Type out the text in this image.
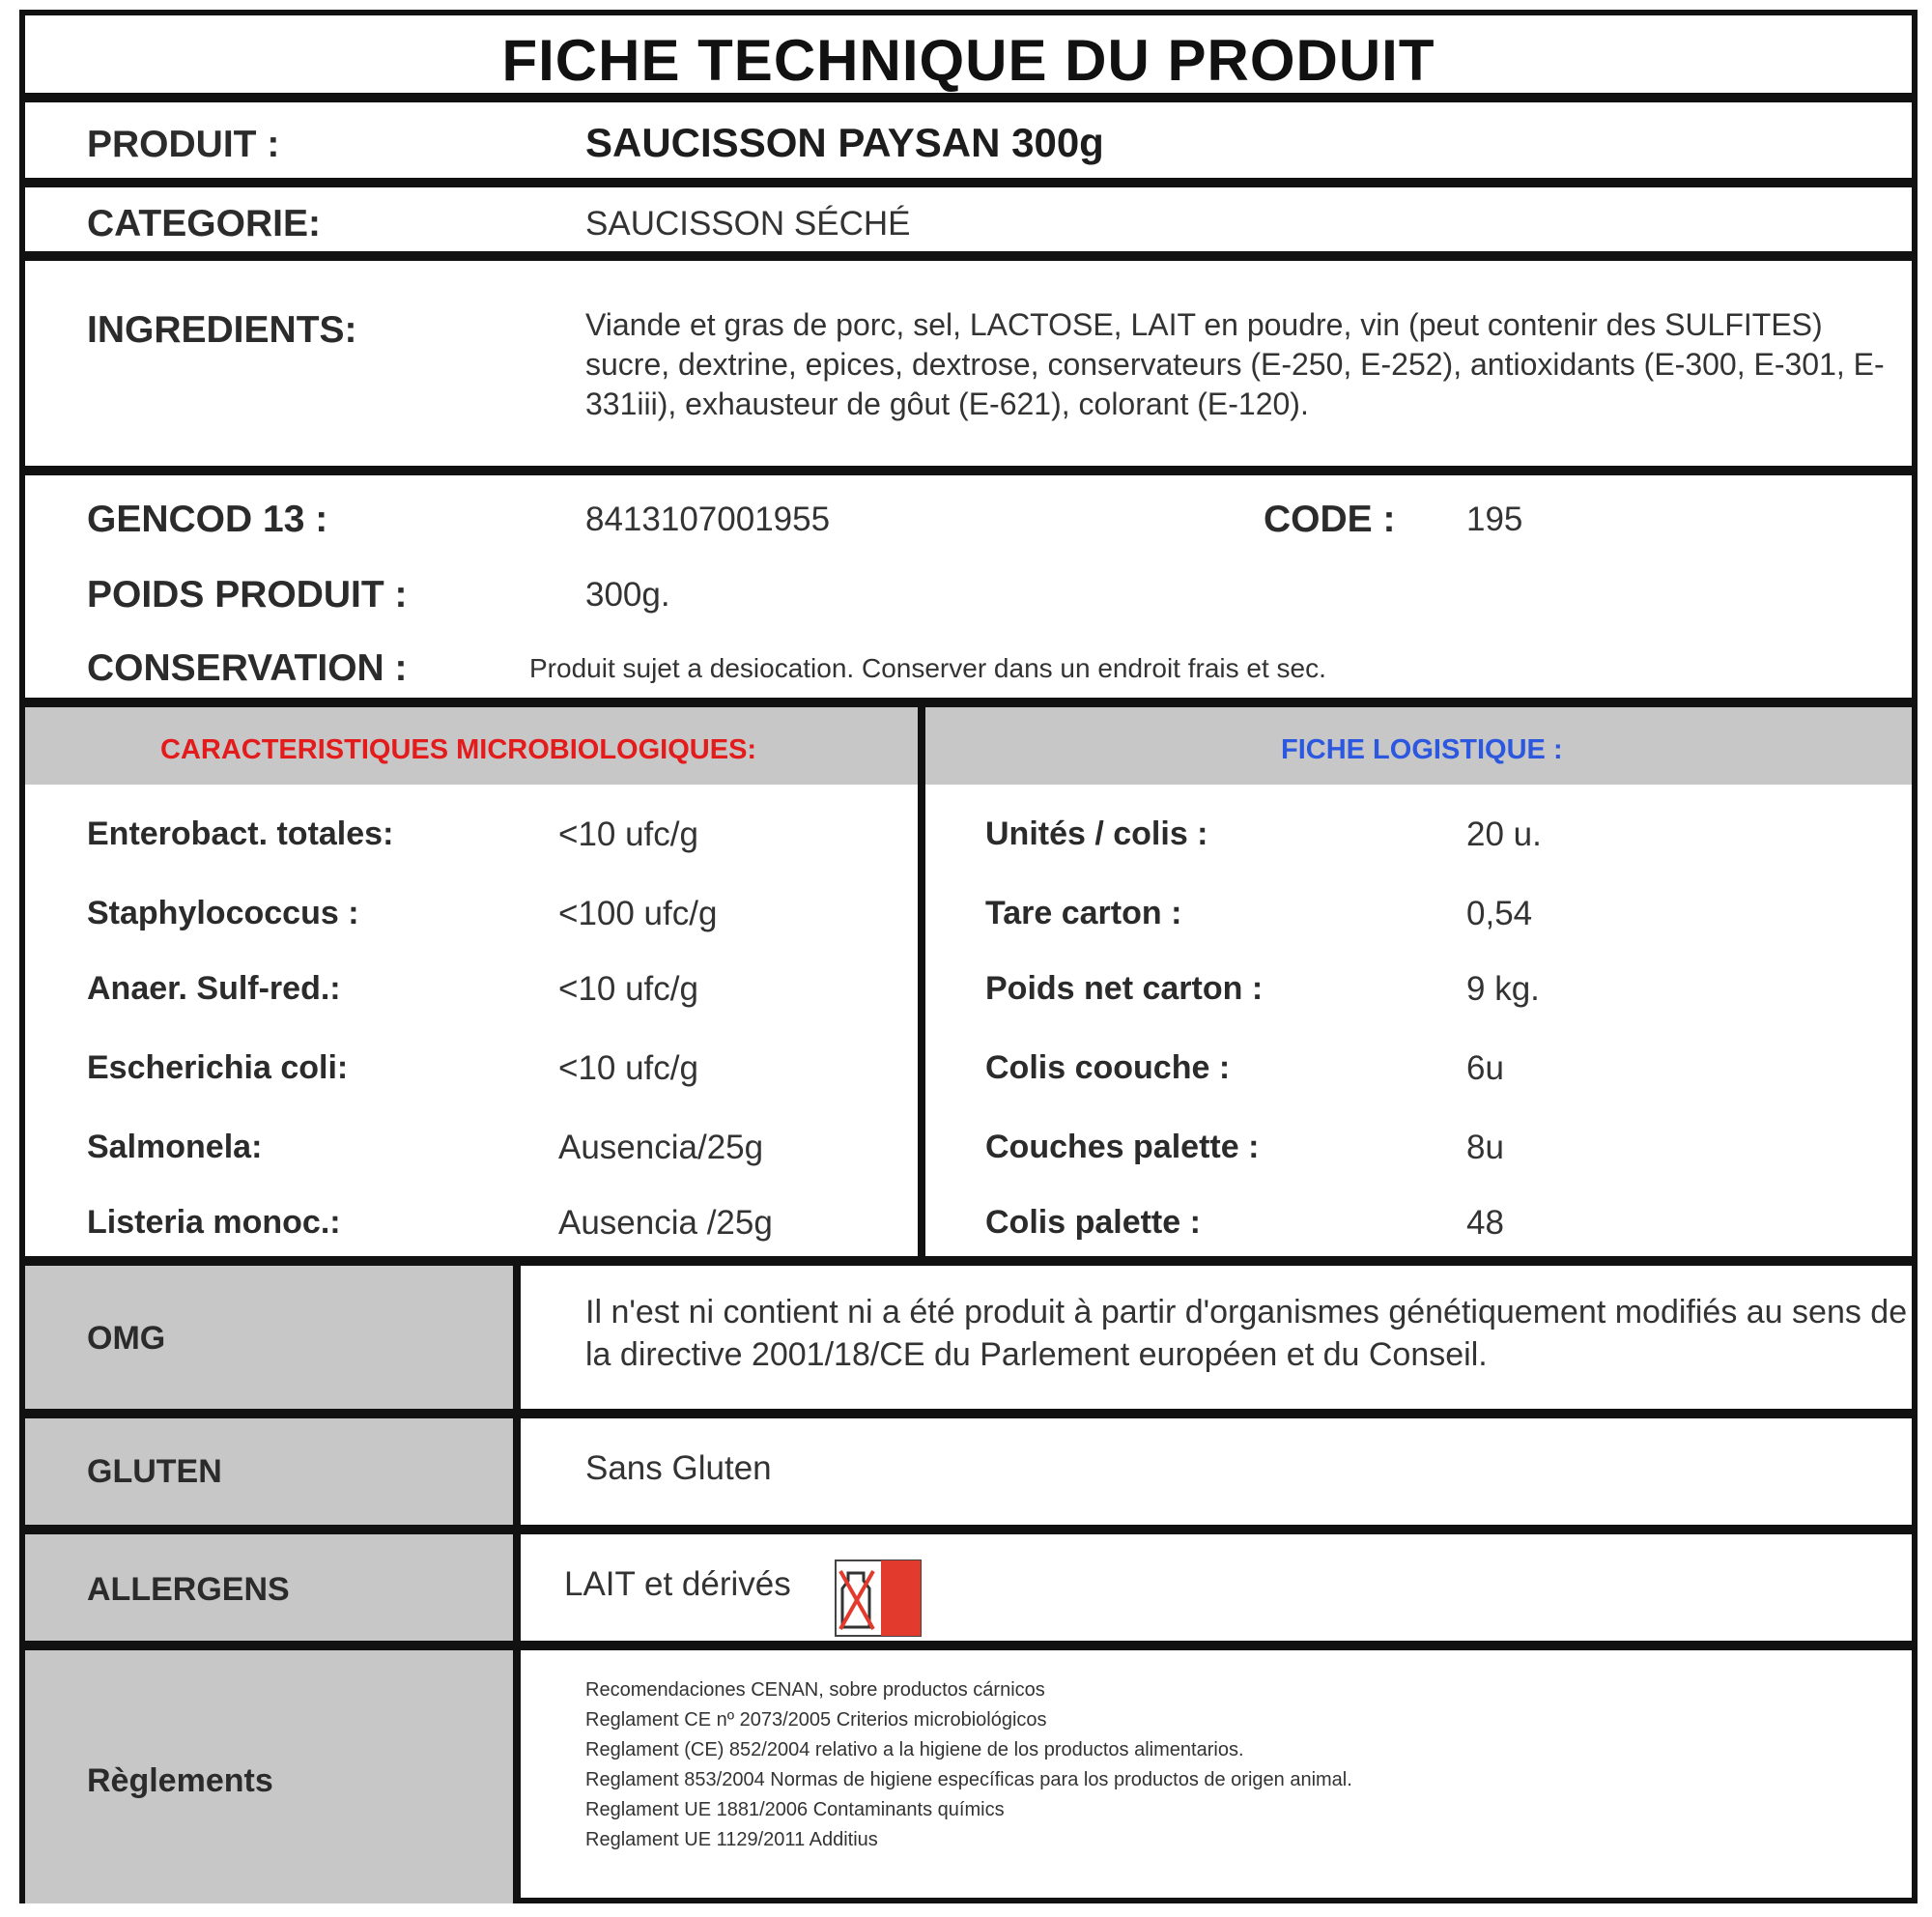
FICHE TECHNIQUE DU PRODUIT
PRODUIT :	SAUCISSON PAYSAN 300g
CATEGORIE:	SAUCISSON SÉCHÉ
INGREDIENTS:	Viande et gras de porc, sel, LACTOSE, LAIT en poudre, vin (peut contenir des SULFITES) sucre, dextrine, epices, dextrose, conservateurs (E-250, E-252), antioxidants (E-300, E-301, E-331iii), exhausteur de gôut (E-621), colorant (E-120).
GENCOD 13 :	8413107001955	CODE : 195
POIDS PRODUIT :	300g.
CONSERVATION :	Produit sujet a desiocation. Conserver dans un endroit frais et sec.
CARACTERISTIQUES MICROBIOLOGIQUES:	FICHE LOGISTIQUE :
Enterobact. totales:	<10 ufc/g
Staphylococcus :	<100 ufc/g
Anaer. Sulf-red.:	<10 ufc/g
Escherichia coli:	<10 ufc/g
Salmonela:	Ausencia/25g
Listeria monoc.:	Ausencia /25g
Unités / colis :	20 u.
Tare carton :	0,54
Poids net carton :	9 kg.
Colis coouche :	6u
Couches palette :	8u
Colis palette :	48
OMG
Il n'est ni contient ni a été produit à partir d'organismes génétiquement modifiés au sens de la directive 2001/18/CE du Parlement européen et du Conseil.
GLUTEN	Sans Gluten
ALLERGENS	LAIT et dérivés
Règlements
Recomendaciones CENAN, sobre productos cárnicos
Reglament CE nº 2073/2005 Criterios microbiológicos
Reglament (CE) 852/2004 relativo a la higiene de los productos alimentarios.
Reglament 853/2004 Normas de higiene específicas para los productos de origen animal.
Reglament UE 1881/2006 Contaminants químics
Reglament UE 1129/2011 Additius
